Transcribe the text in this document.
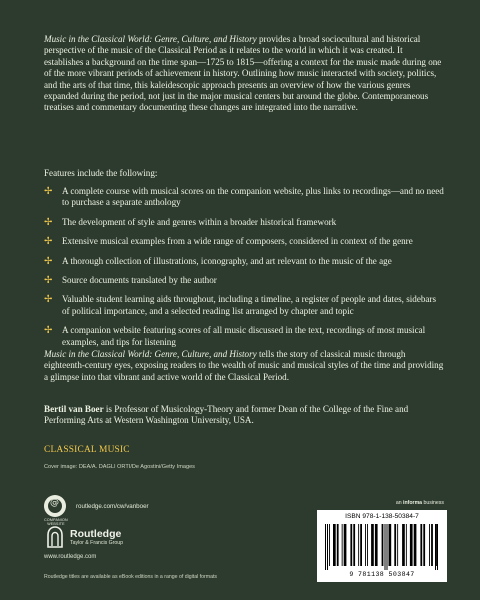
Music in the Classical World: Genre, Culture, and History provides a broad sociocultural and historical perspective of the music of the Classical Period as it relates to the world in which it was created. It establishes a background on the time span—1725 to 1815—offering a context for the music made during one of the more vibrant periods of achievement in history. Outlining how music interacted with society, politics, and the arts of that time, this kaleidescopic approach presents an overview of how the various genres expanded during the period, not just in the major musical centers but around the globe. Contemporaneous treatises and commentary documenting these changes are integrated into the narrative.
Features include the following:
✢ A complete course with musical scores on the companion website, plus links to recordings—and no need to purchase a separate anthology
✢ The development of style and genres within a broader historical framework
✢ Extensive musical examples from a wide range of composers, considered in context of the genre
✢ A thorough collection of illustrations, iconography, and art relevant to the music of the age
✢ Source documents translated by the author
✢ Valuable student learning aids throughout, including a timeline, a register of people and dates, sidebars of political importance, and a selected reading list arranged by chapter and topic
✢ A companion website featuring scores of all music discussed in the text, recordings of most musical examples, and tips for listening
Music in the Classical World: Genre, Culture, and History tells the story of classical music through eighteenth-century eyes, exposing readers to the wealth of music and musical styles of the time and providing a glimpse into that vibrant and active world of the Classical Period.
Bertil van Boer is Professor of Musicology-Theory and former Dean of the College of the Fine and Performing Arts at Western Washington University, USA.
CLASSICAL MUSIC
Cover image: DEA/A. DAGLI ORTI/De Agostini/Getty Images
@
COMPANION WEBSITE
routledge.com/cw/vanboer
Routledge
Taylor & Francis Group
www.routledge.com
Routledge titles are available as eBook editions in a range of digital formats
an informa business
ISBN 978-1-138-50384-7
9 781138 503847
